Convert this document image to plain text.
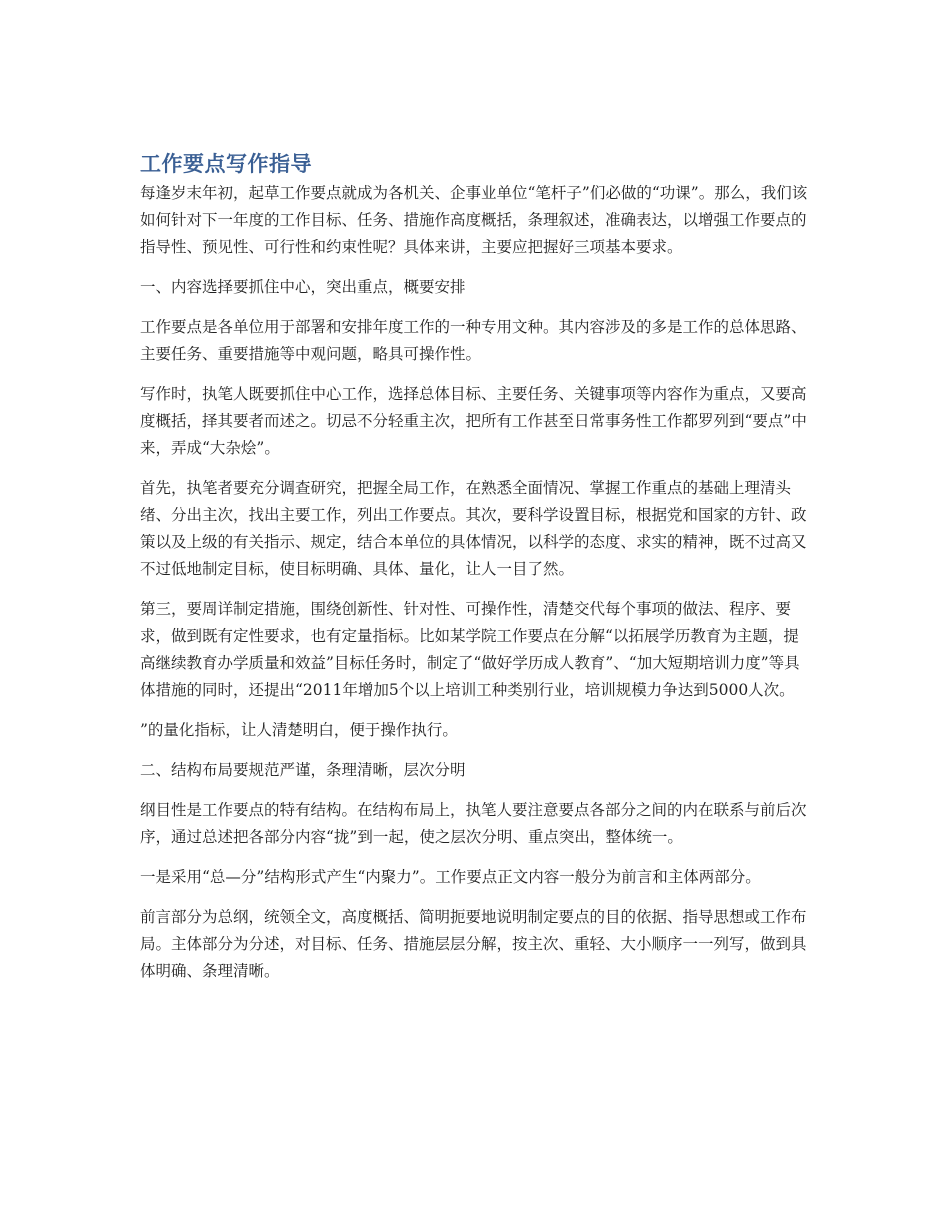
工作要点写作指导

每逢岁末年初，起草工作要点就成为各机关、企事业单位“笔杆子”们必做的“功课”。那么，我们该如何针对下一年度的工作目标、任务、措施作高度概括，条理叙述，准确表达，以增强工作要点的指导性、预见性、可行性和约束性呢？具体来讲，主要应把握好三项基本要求。

一、内容选择要抓住中心，突出重点，概要安排

工作要点是各单位用于部署和安排年度工作的一种专用文种。其内容涉及的多是工作的总体思路、主要任务、重要措施等中观问题，略具可操作性。

写作时，执笔人既要抓住中心工作，选择总体目标、主要任务、关键事项等内容作为重点，又要高度概括，择其要者而述之。切忌不分轻重主次，把所有工作甚至日常事务性工作都罗列到“要点”中来，弄成“大杂烩”。

首先，执笔者要充分调查研究，把握全局工作，在熟悉全面情况、掌握工作重点的基础上理清头绪、分出主次，找出主要工作，列出工作要点。其次，要科学设置目标，根据党和国家的方针、政策以及上级的有关指示、规定，结合本单位的具体情况，以科学的态度、求实的精神，既不过高又不过低地制定目标，使目标明确、具体、量化，让人一目了然。

第三，要周详制定措施，围绕创新性、针对性、可操作性，清楚交代每个事项的做法、程序、要求，做到既有定性要求，也有定量指标。比如某学院工作要点在分解“以拓展学历教育为主题，提高继续教育办学质量和效益”目标任务时，制定了“做好学历成人教育”、“加大短期培训力度”等具体措施的同时，还提出“2011年增加5个以上培训工种类别行业，培训规模力争达到5000人次。

”的量化指标，让人清楚明白，便于操作执行。

二、结构布局要规范严谨，条理清晰，层次分明

纲目性是工作要点的特有结构。在结构布局上，执笔人要注意要点各部分之间的内在联系与前后次序，通过总述把各部分内容“拢”到一起，使之层次分明、重点突出，整体统一。

一是采用“总—分”结构形式产生“内聚力”。工作要点正文内容一般分为前言和主体两部分。

前言部分为总纲，统领全文，高度概括、简明扼要地说明制定要点的目的依据、指导思想或工作布局。主体部分为分述，对目标、任务、措施层层分解，按主次、重轻、大小顺序一一列写，做到具体明确、条理清晰。
